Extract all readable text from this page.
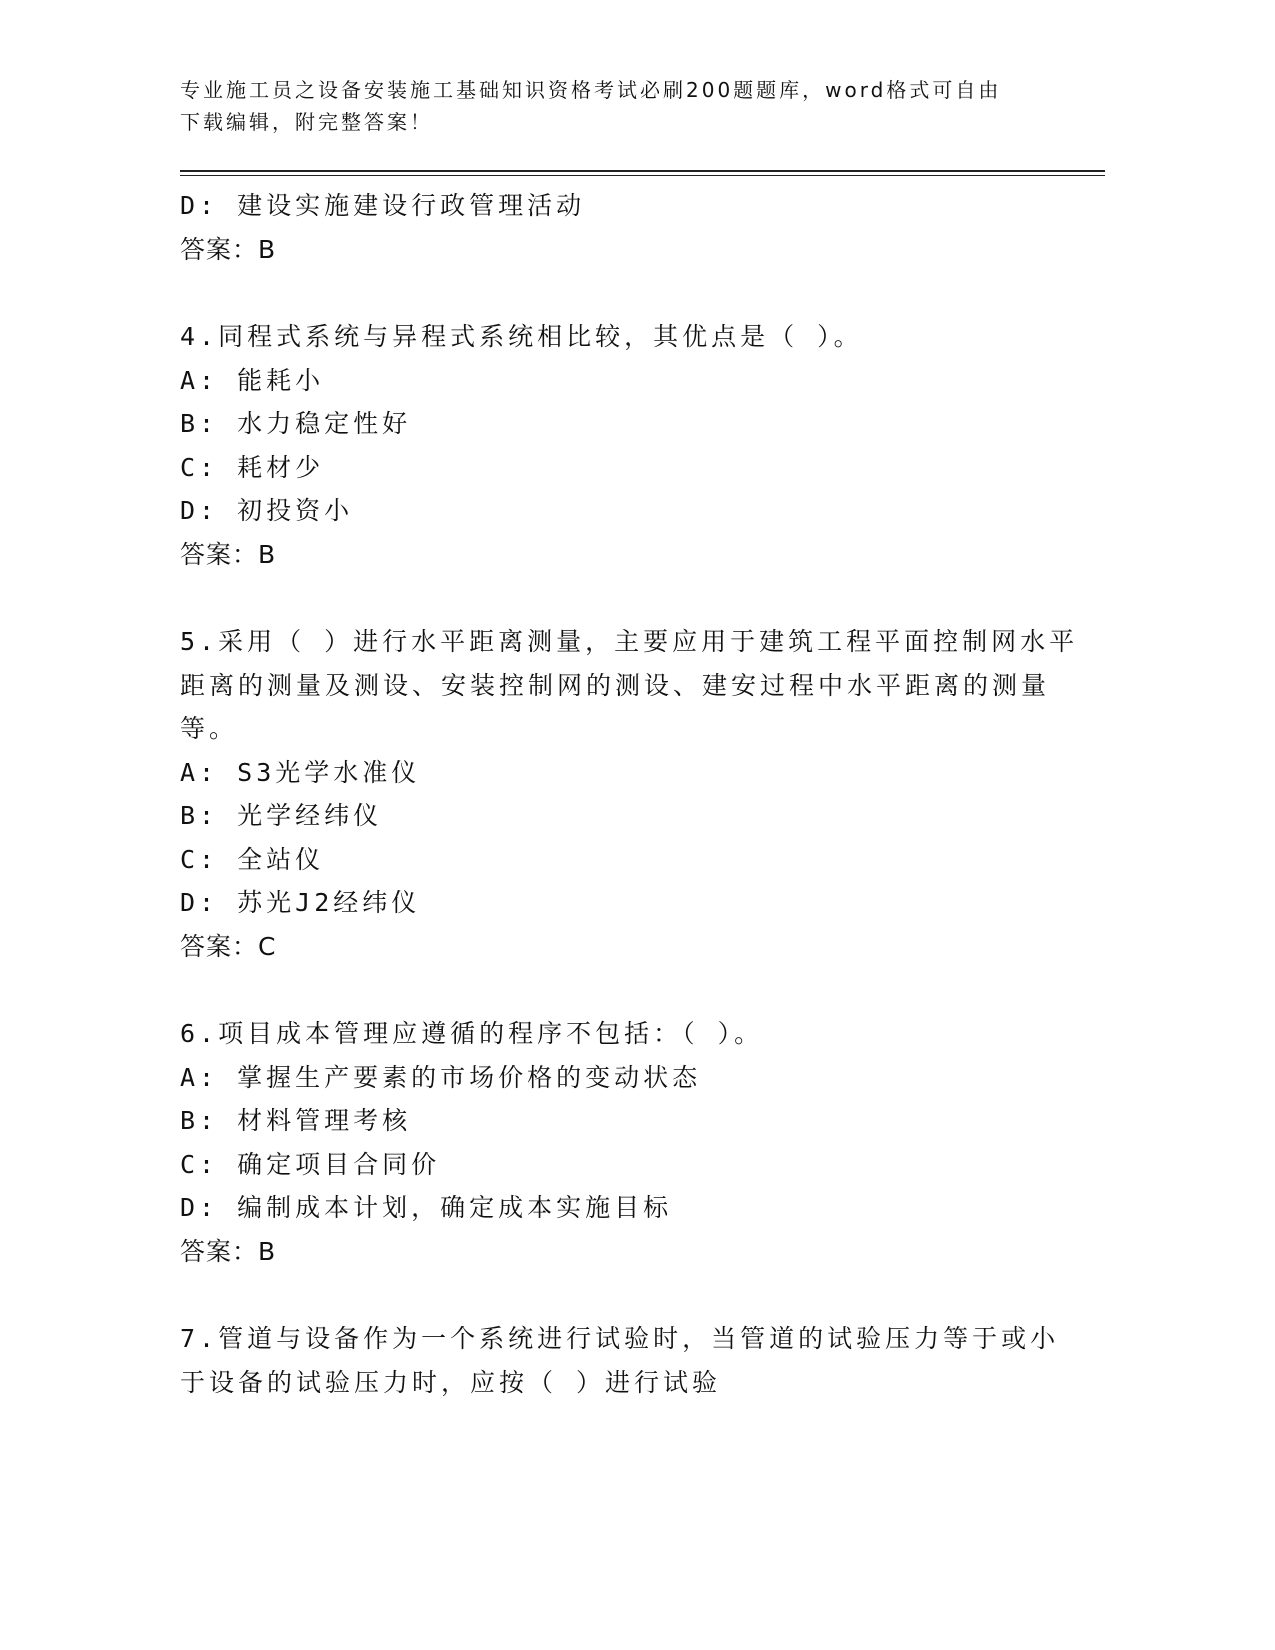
专业施工员之设备安装施工基础知识资格考试必刷200题题库，word格式可自由
下载编辑，附完整答案！
D: 建设实施建设行政管理活动
答案：B
4.同程式系统与异程式系统相比较，其优点是（ ）。
A: 能耗小
B: 水力稳定性好
C: 耗材少
D: 初投资小
答案：B
5.采用（ ）进行水平距离测量，主要应用于建筑工程平面控制网水平
距离的测量及测设、安装控制网的测设、建安过程中水平距离的测量
等。
A: S3光学水准仪
B: 光学经纬仪
C: 全站仪
D: 苏光J2经纬仪
答案：C
6.项目成本管理应遵循的程序不包括：（ ）。
A: 掌握生产要素的市场价格的变动状态
B: 材料管理考核
C: 确定项目合同价
D: 编制成本计划，确定成本实施目标
答案：B
7.管道与设备作为一个系统进行试验时，当管道的试验压力等于或小
于设备的试验压力时，应按（ ）进行试验
